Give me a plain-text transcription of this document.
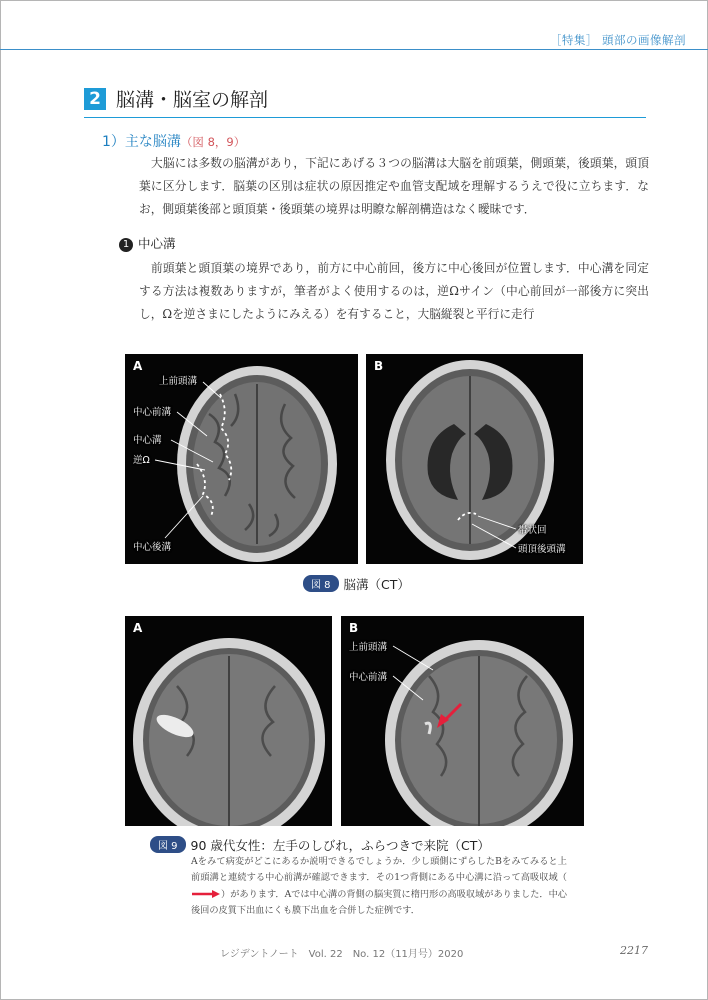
［特集］ 頭部の画像解剖
2 脳溝・脳室の解剖
1）主な脳溝（図 8，9）

大脳には多数の脳溝があり，下記にあげる３つの脳溝は大脳を前頭葉，側頭葉，後頭葉，頭頂葉に区分します．脳葉の区別は症状の原因推定や血管支配域を理解するうえで役に立ちます．なお，側頭葉後部と頭頂葉・後頭葉の境界は明瞭な解剖構造はなく曖昧です．

1 中心溝

前頭葉と頭頂葉の境界であり，前方に中心前回，後方に中心後回が位置します．中心溝を同定する方法は複数ありますが，筆者がよく使用するのは，逆Ωサイン（中心前回が一部後方に突出し，Ωを逆さまにしたようにみえる）を有すること，大脳縦裂と平行に走行

A
上前頭溝
中心前溝
中心溝
逆Ω
中心後溝
B
帯状回
頭頂後頭溝
図 8 脳溝（CT）
A	B
上前頭溝
中心前溝
図 9 90 歳代女性：左手のしびれ，ふらつきで来院（CT）

Aをみて病変がどこにあるか説明できるでしょうか．少し頭側にずらしたBをみてみると上前頭溝と連続する中心前溝が確認できます．その1つ背側にある中心溝に沿って高吸収域（）があります．Aでは中心溝の背側の脳実質に楕円形の高吸収域がありました．中心後回の皮質下出血にくも膜下出血を合併した症例です．

レジデントノート　Vol. 22　No. 12（11月号）2020	2217
